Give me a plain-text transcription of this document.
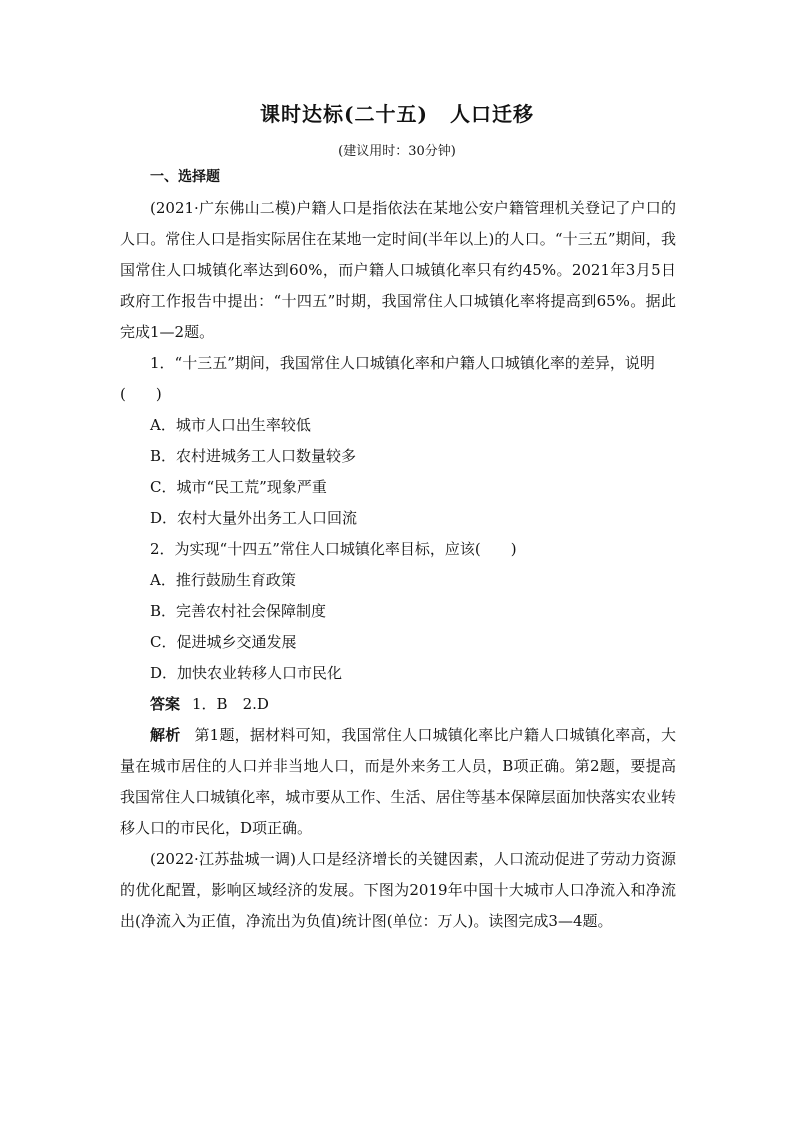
课时达标(二十五) 人口迁移
(建议用时：30分钟)

一、选择题

(2021·广东佛山二模)户籍人口是指依法在某地公安户籍管理机关登记了户口的人口。常住人口是指实际居住在某地一定时间(半年以上)的人口。“十三五”期间，我国常住人口城镇化率达到60%，而户籍人口城镇化率只有约45%。2021年3月5日政府工作报告中提出：“十四五”时期，我国常住人口城镇化率将提高到65%。据此完成1—2题。

1．“十三五”期间，我国常住人口城镇化率和户籍人口城镇化率的差异，说明(　　)

A．城市人口出生率较低

B．农村进城务工人口数量较多

C．城市“民工荒”现象严重

D．农村大量外出务工人口回流

2．为实现“十四五”常住人口城镇化率目标，应该(　　)

A．推行鼓励生育政策

B．完善农村社会保障制度

C．促进城乡交通发展

D．加快农业转移人口市民化

答案 1．B　2.D

解析 第1题，据材料可知，我国常住人口城镇化率比户籍人口城镇化率高，大量在城市居住的人口并非当地人口，而是外来务工人员，B项正确。第2题，要提高我国常住人口城镇化率，城市要从工作、生活、居住等基本保障层面加快落实农业转移人口的市民化，D项正确。

(2022·江苏盐城一调)人口是经济增长的关键因素，人口流动促进了劳动力资源的优化配置，影响区域经济的发展。下图为2019年中国十大城市人口净流入和净流出(净流入为正值，净流出为负值)统计图(单位：万人)。读图完成3—4题。
